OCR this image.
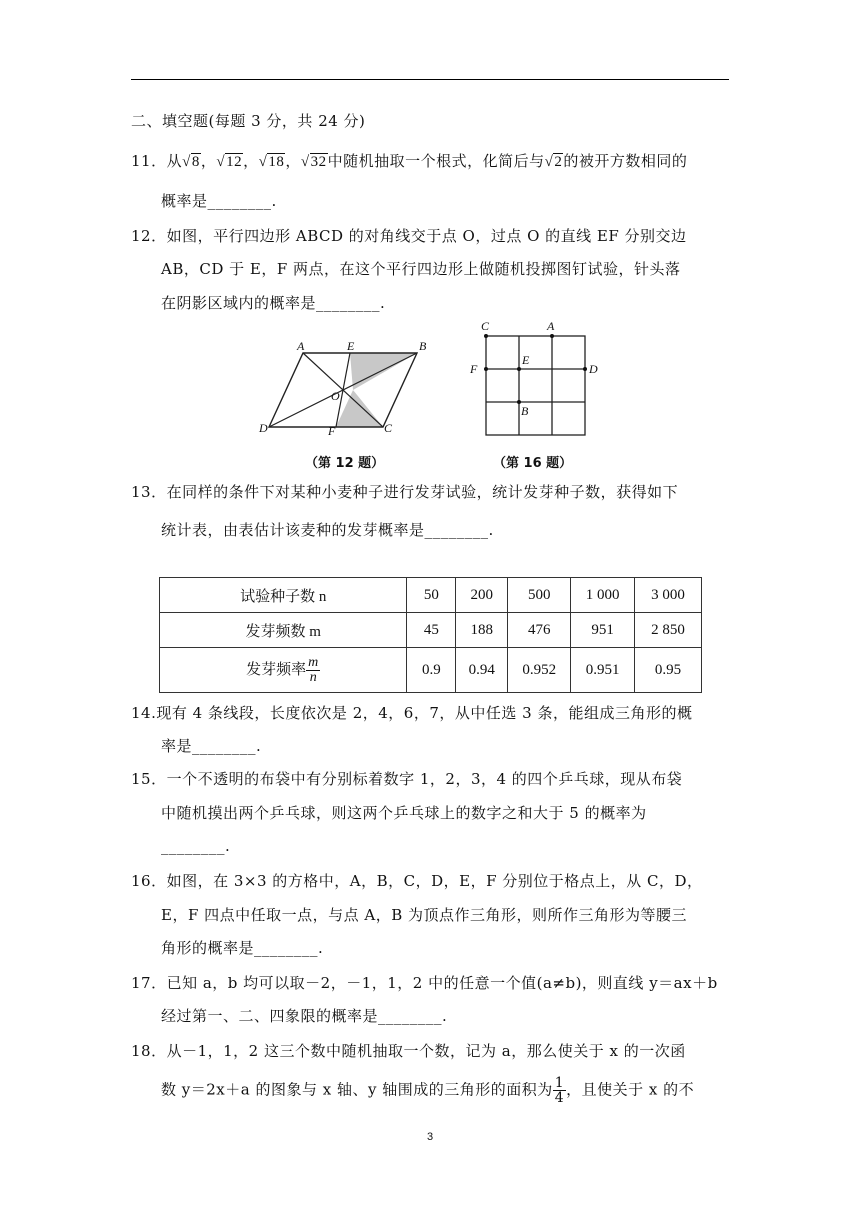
二、填空题(每题 3 分，共 24 分)
11．从√8，√12，√18，√32中随机抽取一个根式，化简后与√2的被开方数相同的
概率是________.
12．如图，平行四边形 ABCD 的对角线交于点 O，过点 O 的直线 EF 分别交边
AB，CD 于 E，F 两点，在这个平行四边形上做随机投掷图钉试验，针头落
在阴影区域内的概率是________.
A	E	B
O
D	F	C
（第 12 题）
C	A
F
E
D
B
（第 16 题）
13．在同样的条件下对某种小麦种子进行发芽试验，统计发芽种子数，获得如下
统计表，由表估计该麦种的发芽概率是________.
试验种子数 n	50	200	500	1 000	3 000
发芽频数 m	45	188	476	951	2 850
发芽频率 $\frac{m}{n}$	0.9	0.94	0.952	0.951	0.95
14.现有 4 条线段，长度依次是 2，4，6，7，从中任选 3 条，能组成三角形的概
率是________.
15．一个不透明的布袋中有分别标着数字 1，2，3，4 的四个乒乓球，现从布袋
中随机摸出两个乒乓球，则这两个乒乓球上的数字之和大于 5 的概率为
________.
16．如图，在 3×3 的方格中，A，B，C，D，E，F 分别位于格点上，从 C，D，
E，F 四点中任取一点，与点 A，B 为顶点作三角形，则所作三角形为等腰三
角形的概率是________.
17．已知 a，b 均可以取－2，－1，1，2 中的任意一个值(a≠b)，则直线 y＝ax＋b
经过第一、二、四象限的概率是________.
18．从－1，1，2 这三个数中随机抽取一个数，记为 a，那么使关于 x 的一次函
数 y＝2x＋a 的图象与 x 轴、y 轴围成的三角形的面积为 $\frac{1}{4}$ ，且使关于 x 的不
3
